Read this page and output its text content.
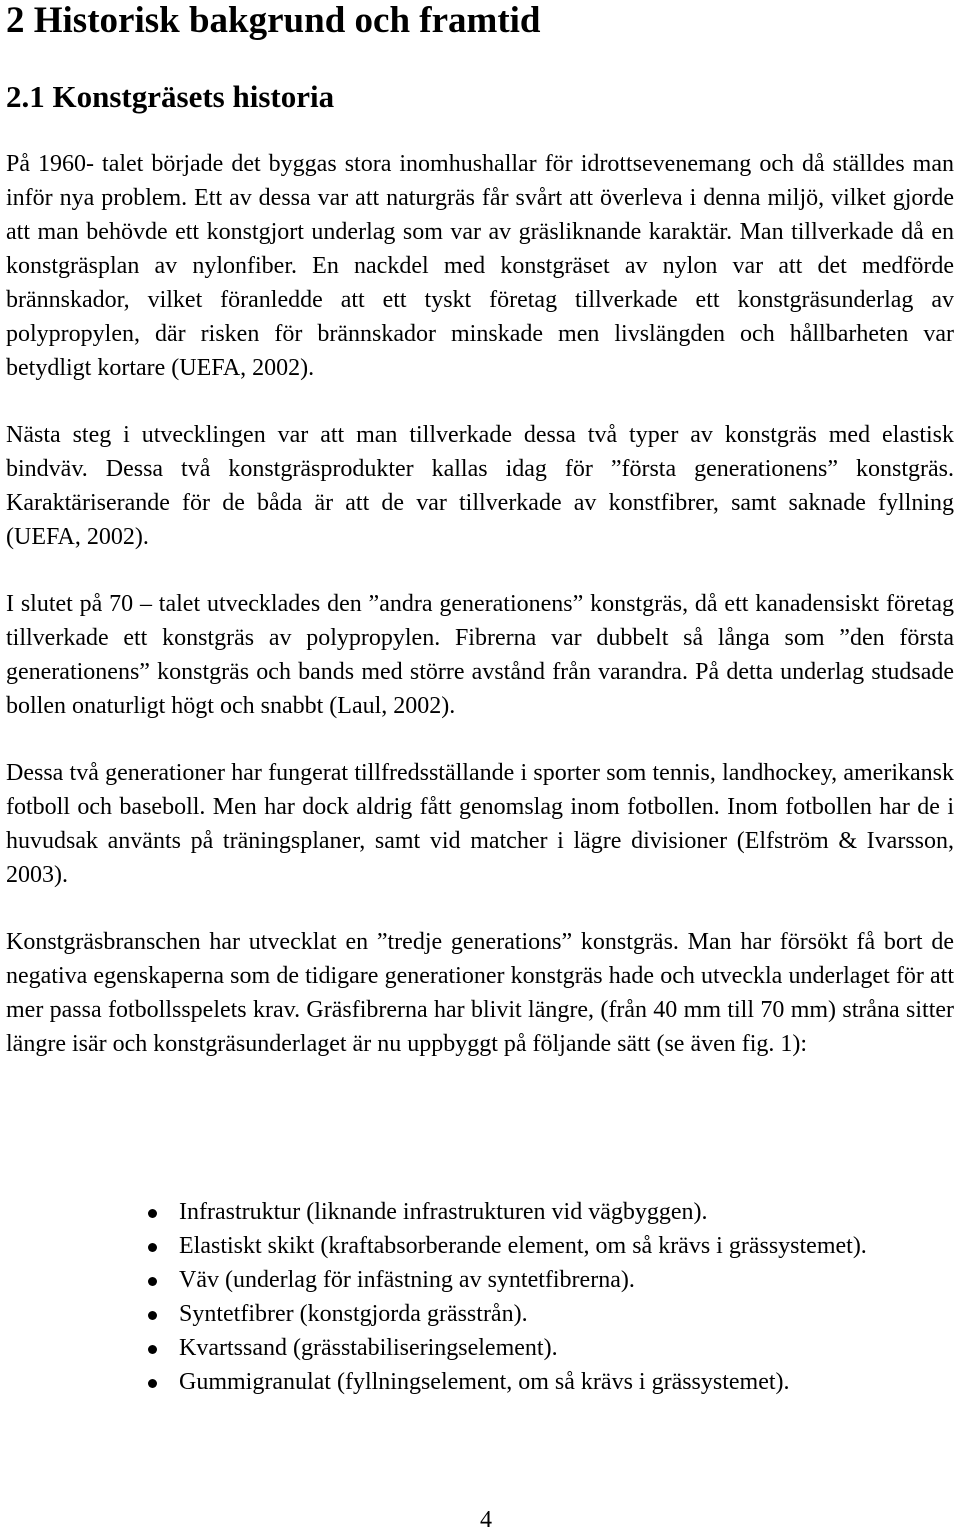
2 Historisk bakgrund och framtid
2.1 Konstgräsets historia

På 1960- talet började det byggas stora inomhushallar för idrottsevenemang och då ställdes man inför nya problem. Ett av dessa var att naturgräs får svårt att överleva i denna miljö, vilket gjorde att man behövde ett konstgjort underlag som var av gräsliknande karaktär. Man tillverkade då en konstgräsplan av nylonfiber. En nackdel med konstgräset av nylon var att det medförde brännskador, vilket föranledde att ett tyskt företag tillverkade ett konstgräsunderlag av polypropylen, där risken för brännskador minskade men livslängden och hållbarheten var betydligt kortare (UEFA, 2002).

Nästa steg i utvecklingen var att man tillverkade dessa två typer av konstgräs med elastisk bindväv. Dessa två konstgräsprodukter kallas idag för ”första generationens” konstgräs. Karaktäriserande för de båda är att de var tillverkade av konstfibrer, samt saknade fyllning (UEFA, 2002).

I slutet på 70 – talet utvecklades den ”andra generationens” konstgräs, då ett kanadensiskt företag tillverkade ett konstgräs av polypropylen. Fibrerna var dubbelt så långa som ”den första generationens” konstgräs och bands med större avstånd från varandra. På detta underlag studsade bollen onaturligt högt och snabbt (Laul, 2002).

Dessa två generationer har fungerat tillfredsställande i sporter som tennis, landhockey, amerikansk fotboll och baseboll. Men har dock aldrig fått genomslag inom fotbollen. Inom fotbollen har de i huvudsak använts på träningsplaner, samt vid matcher i lägre divisioner (Elfström & Ivarsson, 2003).

Konstgräsbranschen har utvecklat en ”tredje generations” konstgräs. Man har försökt få bort de negativa egenskaperna som de tidigare generationer konstgräs hade och utveckla underlaget för att mer passa fotbollsspelets krav. Gräsfibrerna har blivit längre, (från 40 mm till 70 mm) stråna sitter längre isär och konstgräsunderlaget är nu uppbyggt på följande sätt (se även fig. 1):

Infrastruktur (liknande infrastrukturen vid vägbyggen).
Elastiskt skikt (kraftabsorberande element, om så krävs i grässystemet).
Väv (underlag för infästning av syntetfibrerna).
Syntetfibrer (konstgjorda grässtrån).
Kvartssand (grässtabiliseringselement).
Gummigranulat (fyllningselement, om så krävs i grässystemet).
4
